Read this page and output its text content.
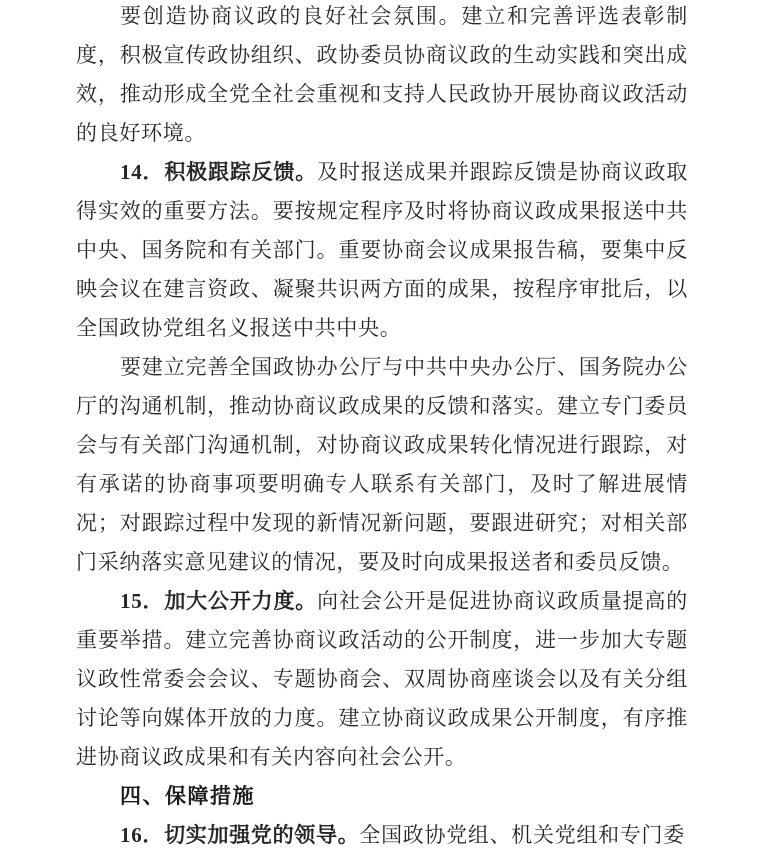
要创造协商议政的良好社会氛围。建立和完善评选表彰制度，积极宣传政协组织、政协委员协商议政的生动实践和突出成效，推动形成全党全社会重视和支持人民政协开展协商议政活动的良好环境。

14．积极跟踪反馈。及时报送成果并跟踪反馈是协商议政取得实效的重要方法。要按规定程序及时将协商议政成果报送中共中央、国务院和有关部门。重要协商会议成果报告稿，要集中反映会议在建言资政、凝聚共识两方面的成果，按程序审批后，以全国政协党组名义报送中共中央。

要建立完善全国政协办公厅与中共中央办公厅、国务院办公厅的沟通机制，推动协商议政成果的反馈和落实。建立专门委员会与有关部门沟通机制，对协商议政成果转化情况进行跟踪，对有承诺的协商事项要明确专人联系有关部门，及时了解进展情况；对跟踪过程中发现的新情况新问题，要跟进研究；对相关部门采纳落实意见建议的情况，要及时向成果报送者和委员反馈。

15．加大公开力度。向社会公开是促进协商议政质量提高的重要举措。建立完善协商议政活动的公开制度，进一步加大专题议政性常委会会议、专题协商会、双周协商座谈会以及有关分组讨论等向媒体开放的力度。建立协商议政成果公开制度，有序推进协商议政成果和有关内容向社会公开。

四、保障措施

16．切实加强党的领导。全国政协党组、机关党组和专门委
